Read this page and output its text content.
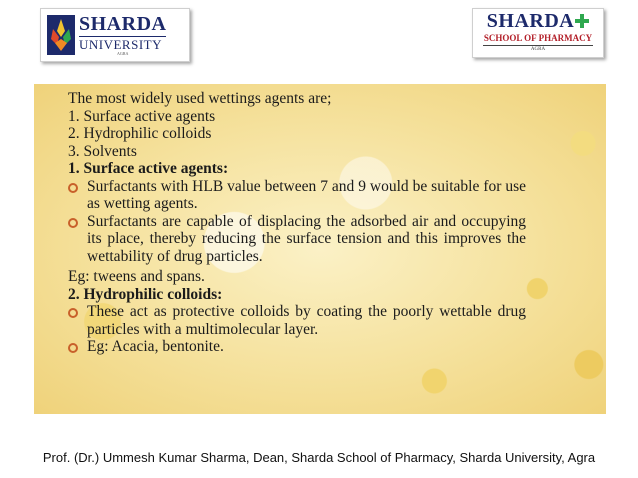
SHARDA
UNIVERSITY
AGRA
SHARDA
SCHOOL OF PHARMACY
AGRA
The most widely used wettings agents are;
1. Surface active agents
2. Hydrophilic colloids
3. Solvents
1. Surface active agents:
Surfactants with HLB value between 7 and 9 would be suitable for use as wetting agents.
Surfactants are capable of displacing the adsorbed air and occupying its place, thereby reducing the surface tension and this improves the wettability of drug particles.
Eg: tweens and spans.
2. Hydrophilic colloids:
These act as protective colloids by coating the poorly wettable drug particles with a multimolecular layer.
Eg: Acacia, bentonite.
Prof. (Dr.) Ummesh Kumar Sharma, Dean, Sharda School of Pharmacy, Sharda University, Agra
